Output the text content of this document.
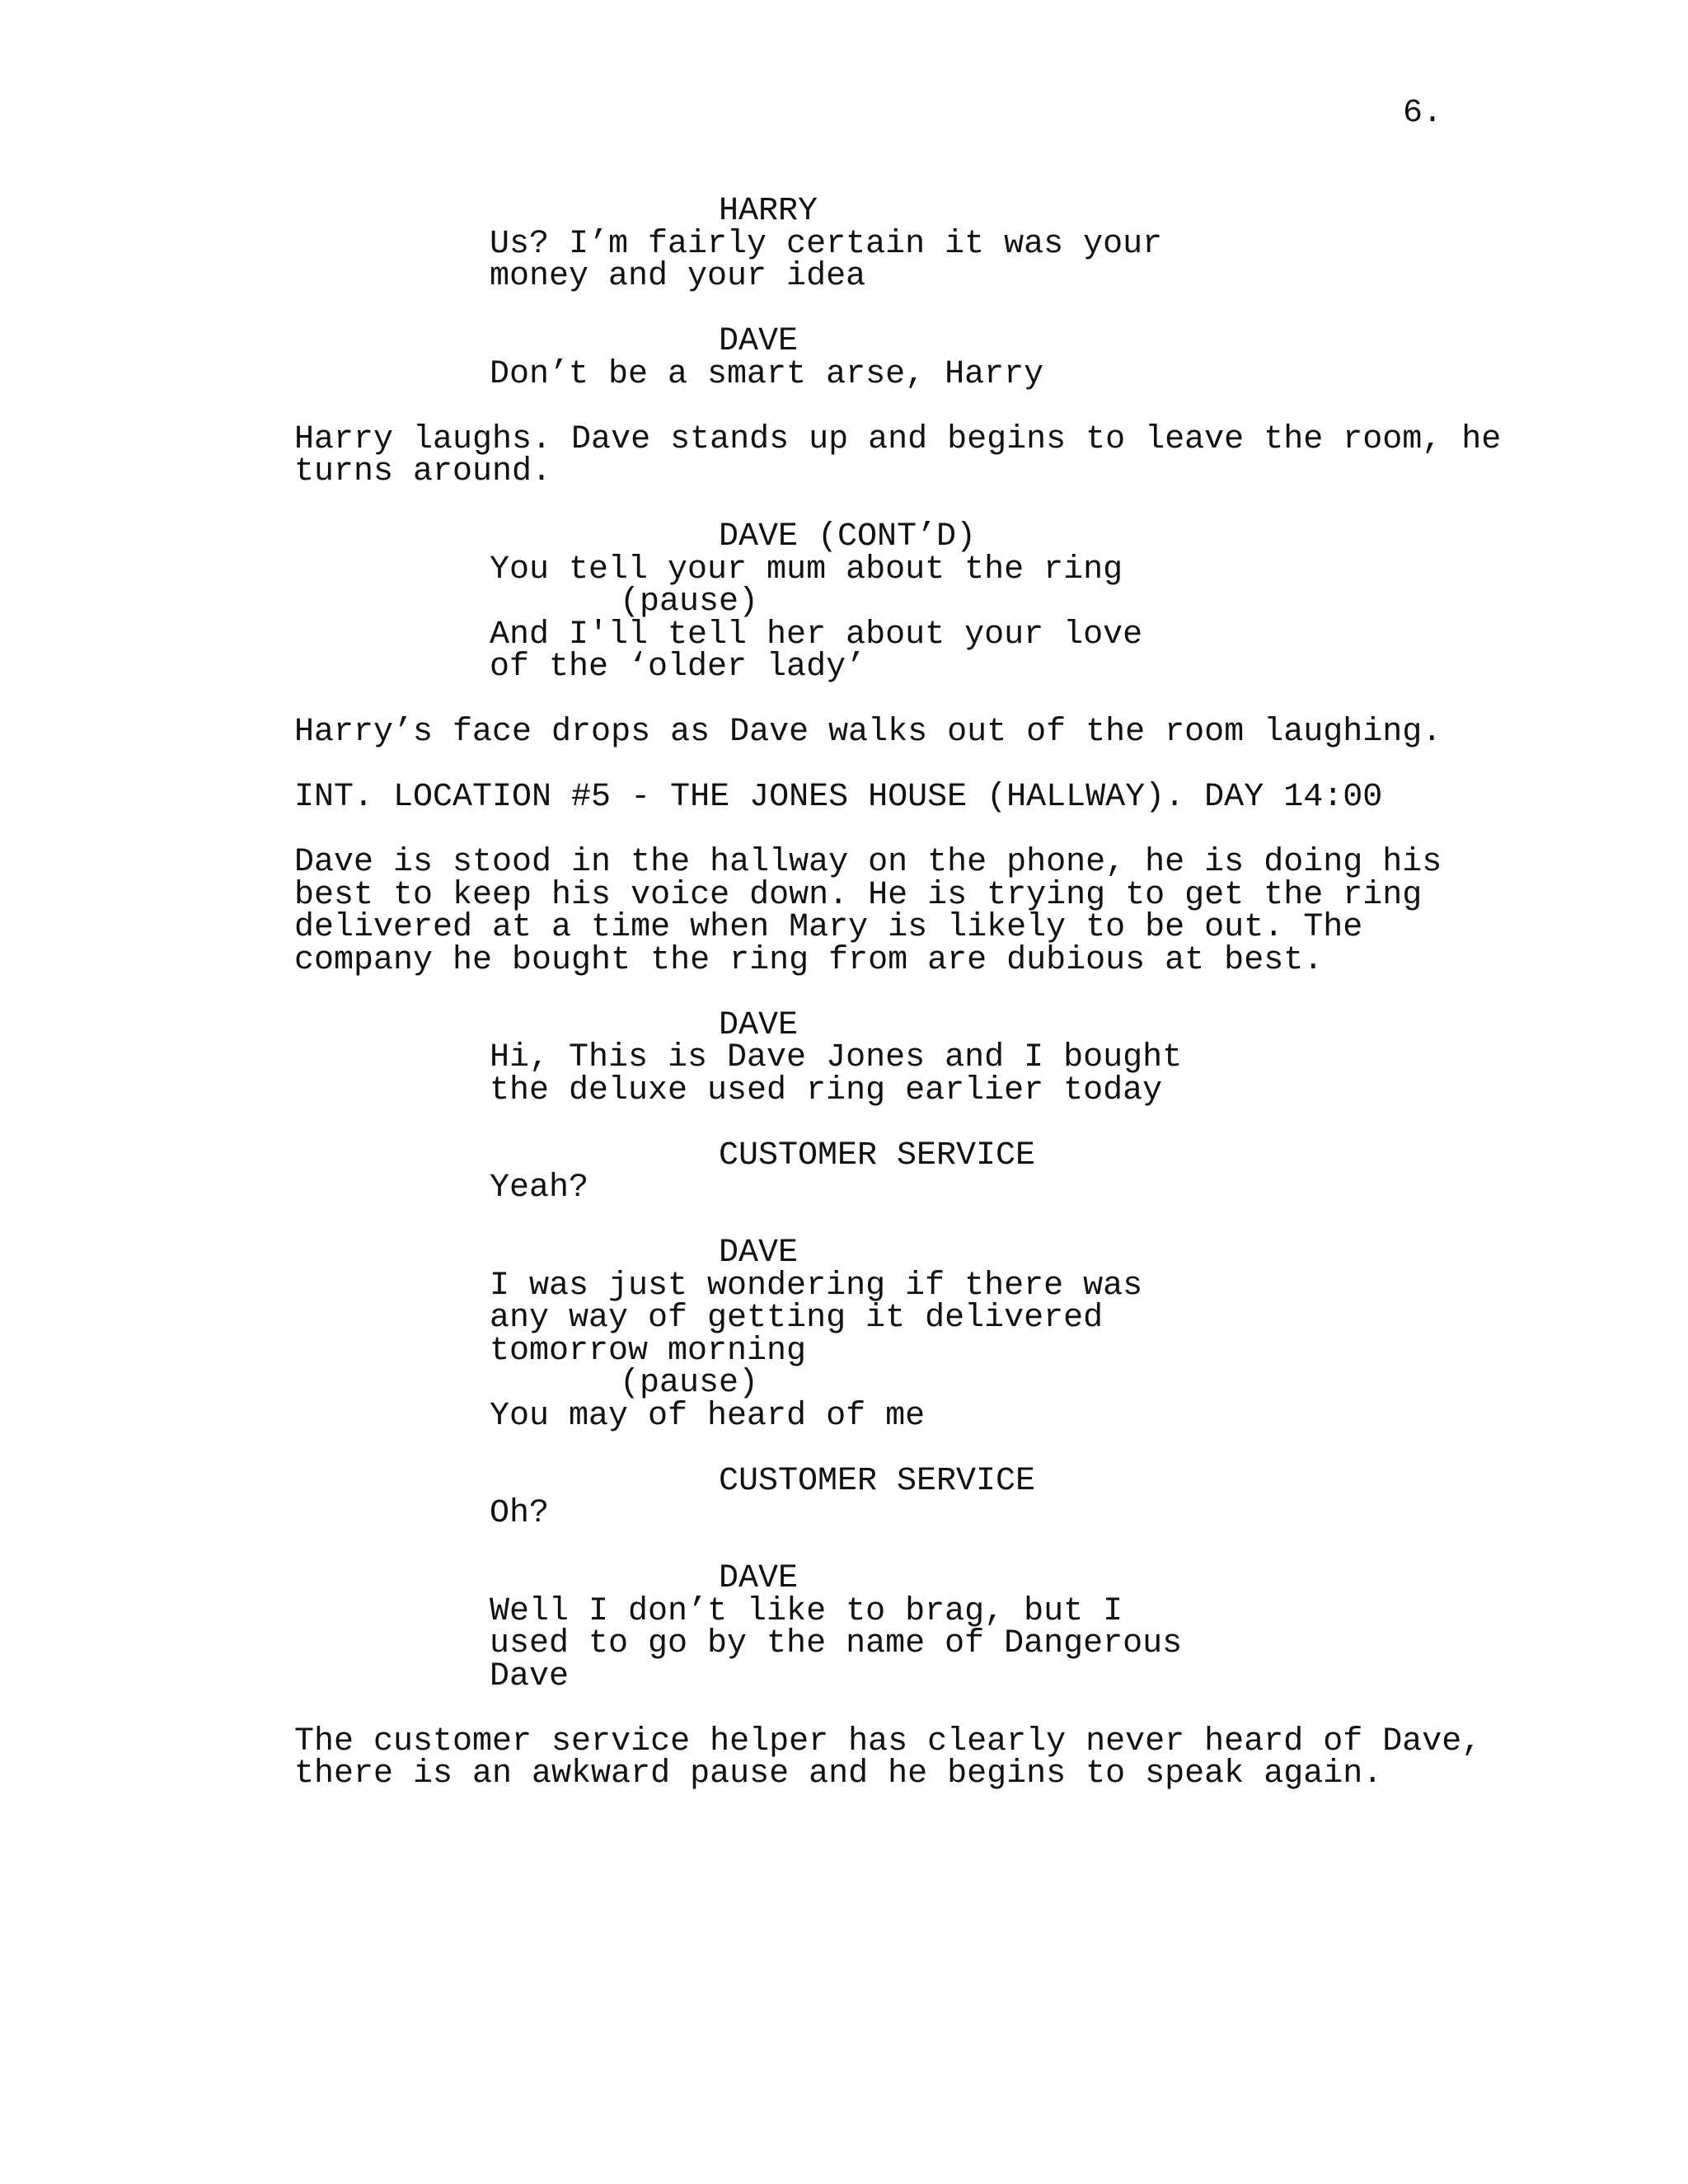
6.
HARRY
Us? I’m fairly certain it was your
money and your idea
DAVE
Don’t be a smart arse, Harry
Harry laughs. Dave stands up and begins to leave the room, he
turns around.
DAVE (CONT’D)
You tell your mum about the ring
(pause)
And I'll tell her about your love
of the ‘older lady’
Harry’s face drops as Dave walks out of the room laughing.
INT. LOCATION #5 - THE JONES HOUSE (HALLWAY). DAY 14:00
Dave is stood in the hallway on the phone, he is doing his
best to keep his voice down. He is trying to get the ring
delivered at a time when Mary is likely to be out. The
company he bought the ring from are dubious at best.
DAVE
Hi, This is Dave Jones and I bought
the deluxe used ring earlier today
CUSTOMER SERVICE
Yeah?
DAVE
I was just wondering if there was
any way of getting it delivered
tomorrow morning
(pause)
You may of heard of me
CUSTOMER SERVICE
Oh?
DAVE
Well I don’t like to brag, but I
used to go by the name of Dangerous
Dave
The customer service helper has clearly never heard of Dave,
there is an awkward pause and he begins to speak again.
